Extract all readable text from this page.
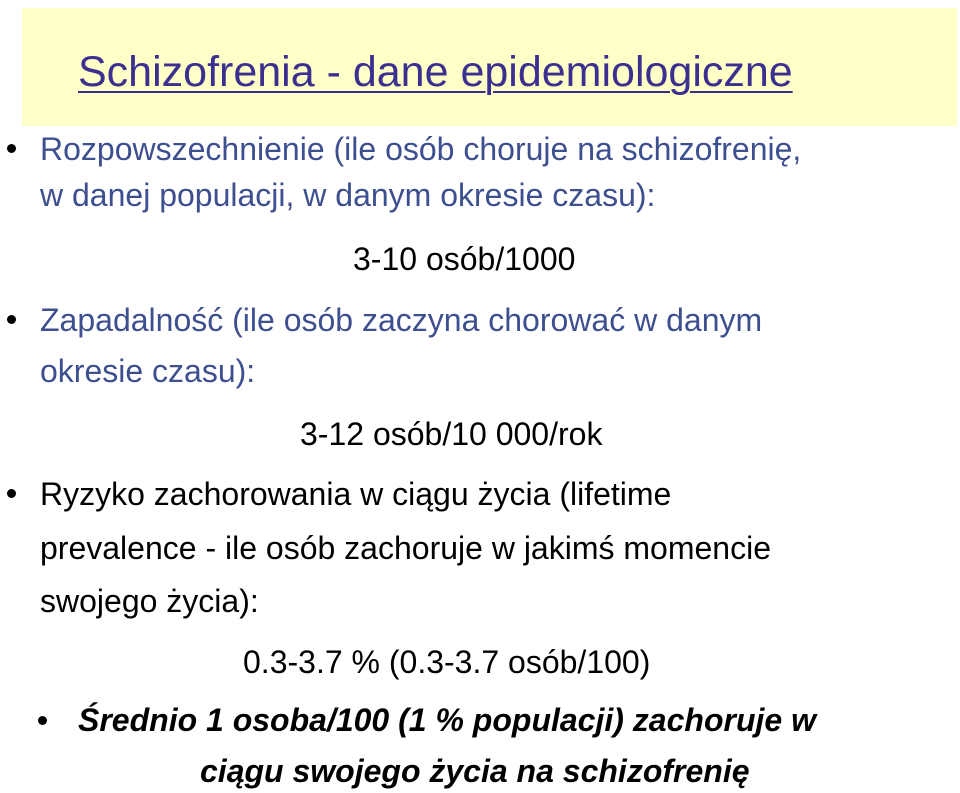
Schizofrenia - dane epidemiologiczne
Rozpowszechnienie (ile osób choruje na schizofrenię,
w danej populacji, w danym okresie czasu):
3-10 osób/1000
Zapadalność (ile osób zaczyna chorować w danym
okresie czasu):
3-12 osób/10 000/rok
Ryzyko zachorowania w ciągu życia (lifetime
prevalence - ile osób zachoruje w jakimś momencie
swojego życia):
0.3-3.7 % (0.3-3.7 osób/100)
Średnio 1 osoba/100 (1 % populacji) zachoruje w
ciągu swojego życia na schizofrenię
